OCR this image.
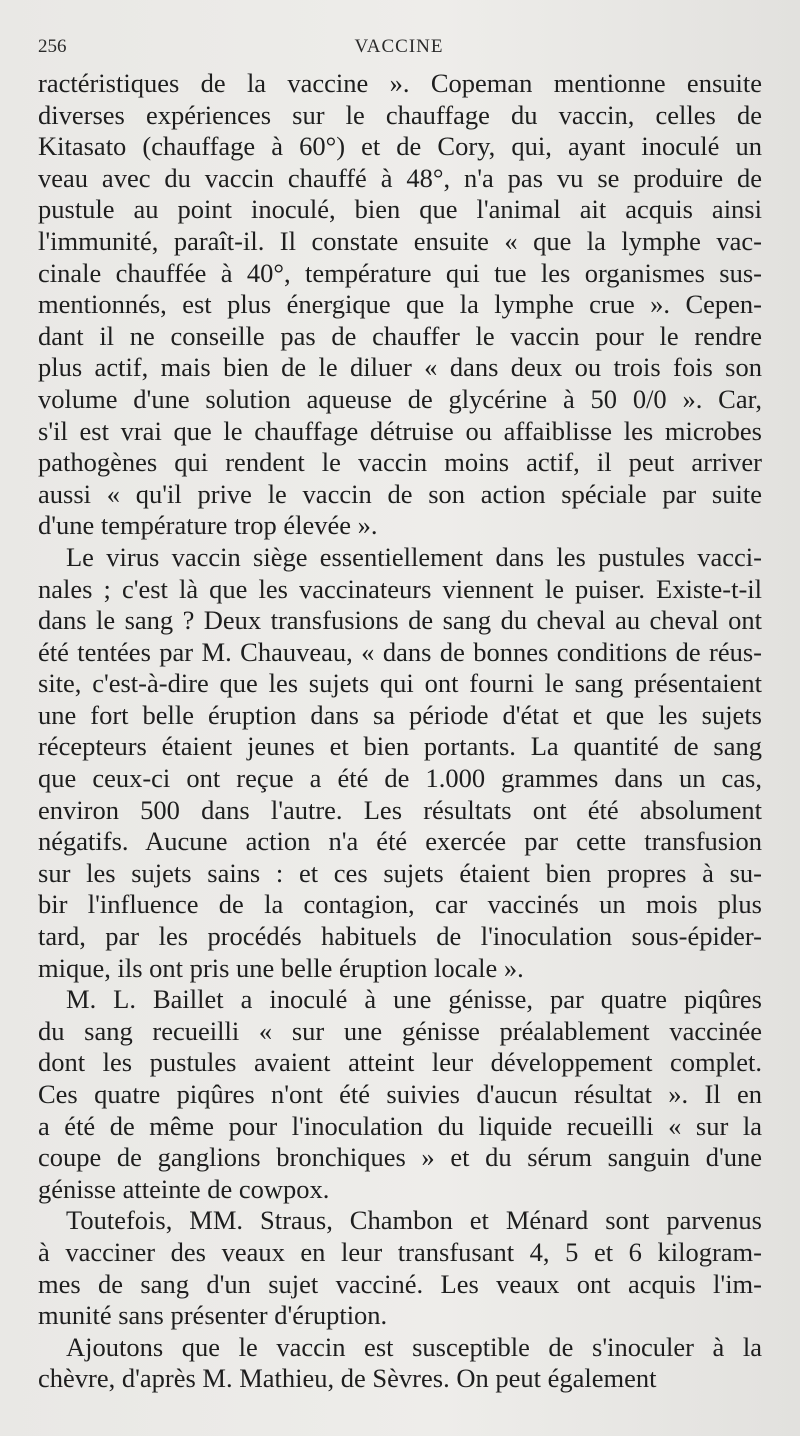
256	VACCINE
ractéristiques de la vaccine ». Copeman mentionne ensuite
diverses expériences sur le chauffage du vaccin, celles de
Kitasato (chauffage à 60°) et de Cory, qui, ayant inoculé un
veau avec du vaccin chauffé à 48°, n'a pas vu se produire de
pustule au point inoculé, bien que l'animal ait acquis ainsi
l'immunité, paraît-il. Il constate ensuite « que la lymphe vac-
cinale chauffée à 40°, température qui tue les organismes sus-
mentionnés, est plus énergique que la lymphe crue ». Cepen-
dant il ne conseille pas de chauffer le vaccin pour le rendre
plus actif, mais bien de le diluer « dans deux ou trois fois son
volume d'une solution aqueuse de glycérine à 50 0/0 ». Car,
s'il est vrai que le chauffage détruise ou affaiblisse les microbes
pathogènes qui rendent le vaccin moins actif, il peut arriver
aussi « qu'il prive le vaccin de son action spéciale par suite
d'une température trop élevée ».
Le virus vaccin siège essentiellement dans les pustules vacci-
nales ; c'est là que les vaccinateurs viennent le puiser. Existe-t-il
dans le sang ? Deux transfusions de sang du cheval au cheval ont
été tentées par M. Chauveau, « dans de bonnes conditions de réus-
site, c'est-à-dire que les sujets qui ont fourni le sang présentaient
une fort belle éruption dans sa période d'état et que les sujets
récepteurs étaient jeunes et bien portants. La quantité de sang
que ceux-ci ont reçue a été de 1.000 grammes dans un cas,
environ 500 dans l'autre. Les résultats ont été absolument
négatifs. Aucune action n'a été exercée par cette transfusion
sur les sujets sains : et ces sujets étaient bien propres à su-
bir l'influence de la contagion, car vaccinés un mois plus
tard, par les procédés habituels de l'inoculation sous-épider-
mique, ils ont pris une belle éruption locale ».
M. L. Baillet a inoculé à une génisse, par quatre piqûres
du sang recueilli « sur une génisse préalablement vaccinée
dont les pustules avaient atteint leur développement complet.
Ces quatre piqûres n'ont été suivies d'aucun résultat ». Il en
a été de même pour l'inoculation du liquide recueilli « sur la
coupe de ganglions bronchiques » et du sérum sanguin d'une
génisse atteinte de cowpox.
Toutefois, MM. Straus, Chambon et Ménard sont parvenus
à vacciner des veaux en leur transfusant 4, 5 et 6 kilogram-
mes de sang d'un sujet vacciné. Les veaux ont acquis l'im-
munité sans présenter d'éruption.
Ajoutons que le vaccin est susceptible de s'inoculer à la
chèvre, d'après M. Mathieu, de Sèvres. On peut également
